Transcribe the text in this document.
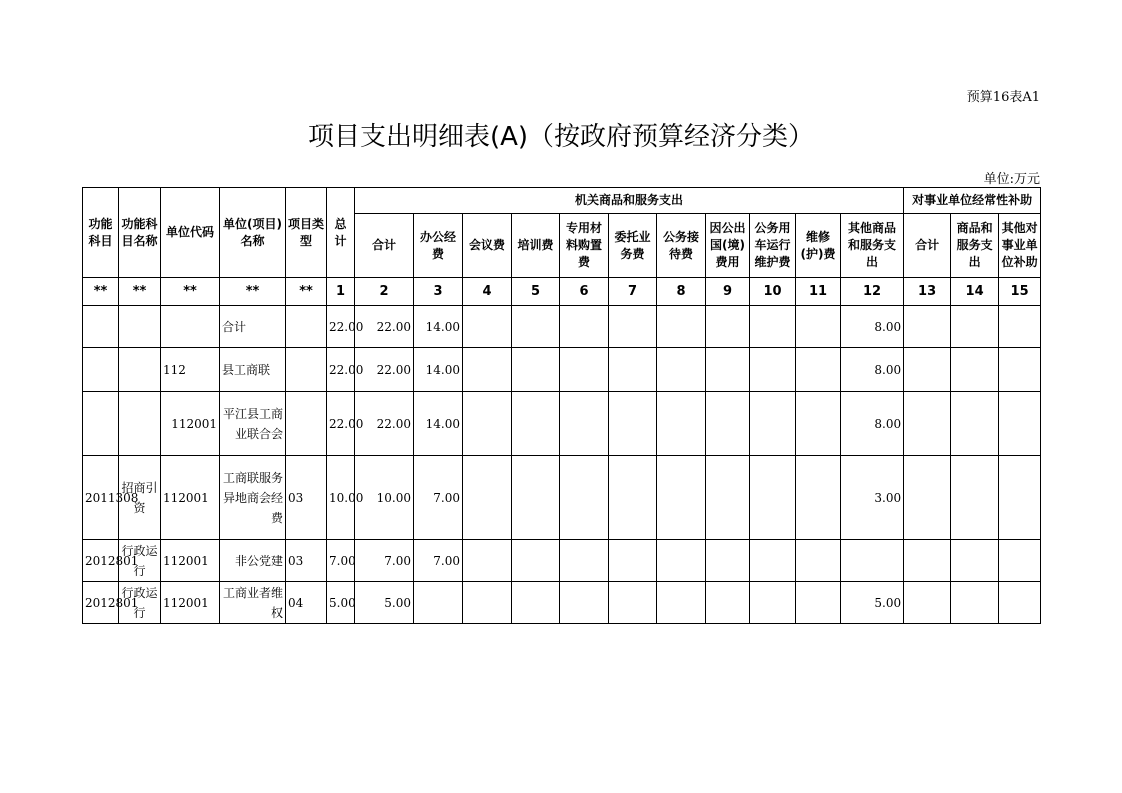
预算16表A1
项目支出明细表(A)（按政府预算经济分类）
单位:万元
功能科目	功能科目名称	单位代码	单位(项目)名称	项目类型	总计	机关商品和服务支出											对事业单位经常性补助		
						合计	办公经费	会议费	培训费	专用材料购置费	委托业务费	公务接待费	因公出国(境)费用	公务用车运行维护费	维修(护)费	其他商品和服务支出	合计	商品和服务支出	其他对事业单位补助
**	**	**	**	**	1	2	3	4	5	6	7	8	9	10	11	12	13	14	15
			合计		22.00	22.00	14.00									8.00			
		112	县工商联		22.00	22.00	14.00									8.00			
		112001	平江县工商业联合会		22.00	22.00	14.00									8.00			
2011308	招商引资	112001	工商联服务异地商会经费	03	10.00	10.00	7.00									3.00			
2012801	行政运行	112001	非公党建	03	7.00	7.00	7.00												
2012801	行政运行	112001	工商业者维权	04	5.00	5.00										5.00			
